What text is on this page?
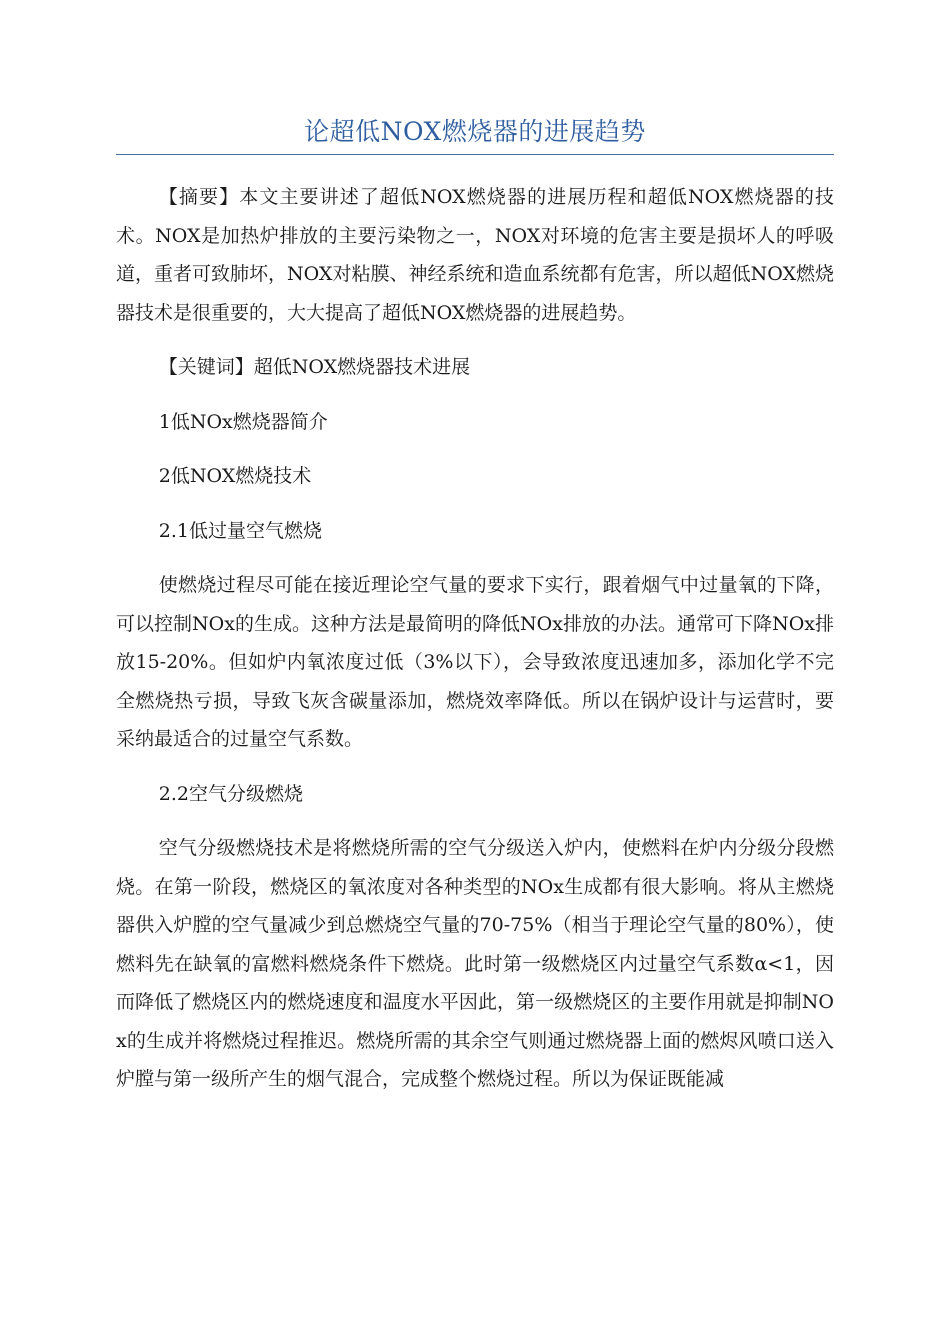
论超低NOX燃烧器的进展趋势

【摘要】本文主要讲述了超低NOX燃烧器的进展历程和超低NOX燃烧器的技术。NOX是加热炉排放的主要污染物之一，NOX对环境的危害主要是损坏人的呼吸道，重者可致肺坏，NOX对粘膜、神经系统和造血系统都有危害，所以超低NOX燃烧器技术是很重要的，大大提高了超低NOX燃烧器的进展趋势。

【关键词】超低NOX燃烧器技术进展

1低NOx燃烧器简介

2低NOX燃烧技术

2.1低过量空气燃烧

使燃烧过程尽可能在接近理论空气量的要求下实行，跟着烟气中过量氧的下降，可以控制NOx的生成。这种方法是最简明的降低NOx排放的办法。通常可下降NOx排放15-20%。但如炉内氧浓度过低（3%以下），会导致浓度迅速加多，添加化学不完全燃烧热亏损，导致飞灰含碳量添加，燃烧效率降低。所以在锅炉设计与运营时，要采纳最适合的过量空气系数。

2.2空气分级燃烧

空气分级燃烧技术是将燃烧所需的空气分级送入炉内，使燃料在炉内分级分段燃烧。在第一阶段，燃烧区的氧浓度对各种类型的NOx生成都有很大影响。将从主燃烧器供入炉膛的空气量减少到总燃烧空气量的70-75%（相当于理论空气量的80%），使燃料先在缺氧的富燃料燃烧条件下燃烧。此时第一级燃烧区内过量空气系数α<1，因而降低了燃烧区内的燃烧速度和温度水平因此，第一级燃烧区的主要作用就是抑制NOx的生成并将燃烧过程推迟。燃烧所需的其余空气则通过燃烧器上面的燃烬风喷口送入炉膛与第一级所产生的烟气混合，完成整个燃烧过程。所以为保证既能减
